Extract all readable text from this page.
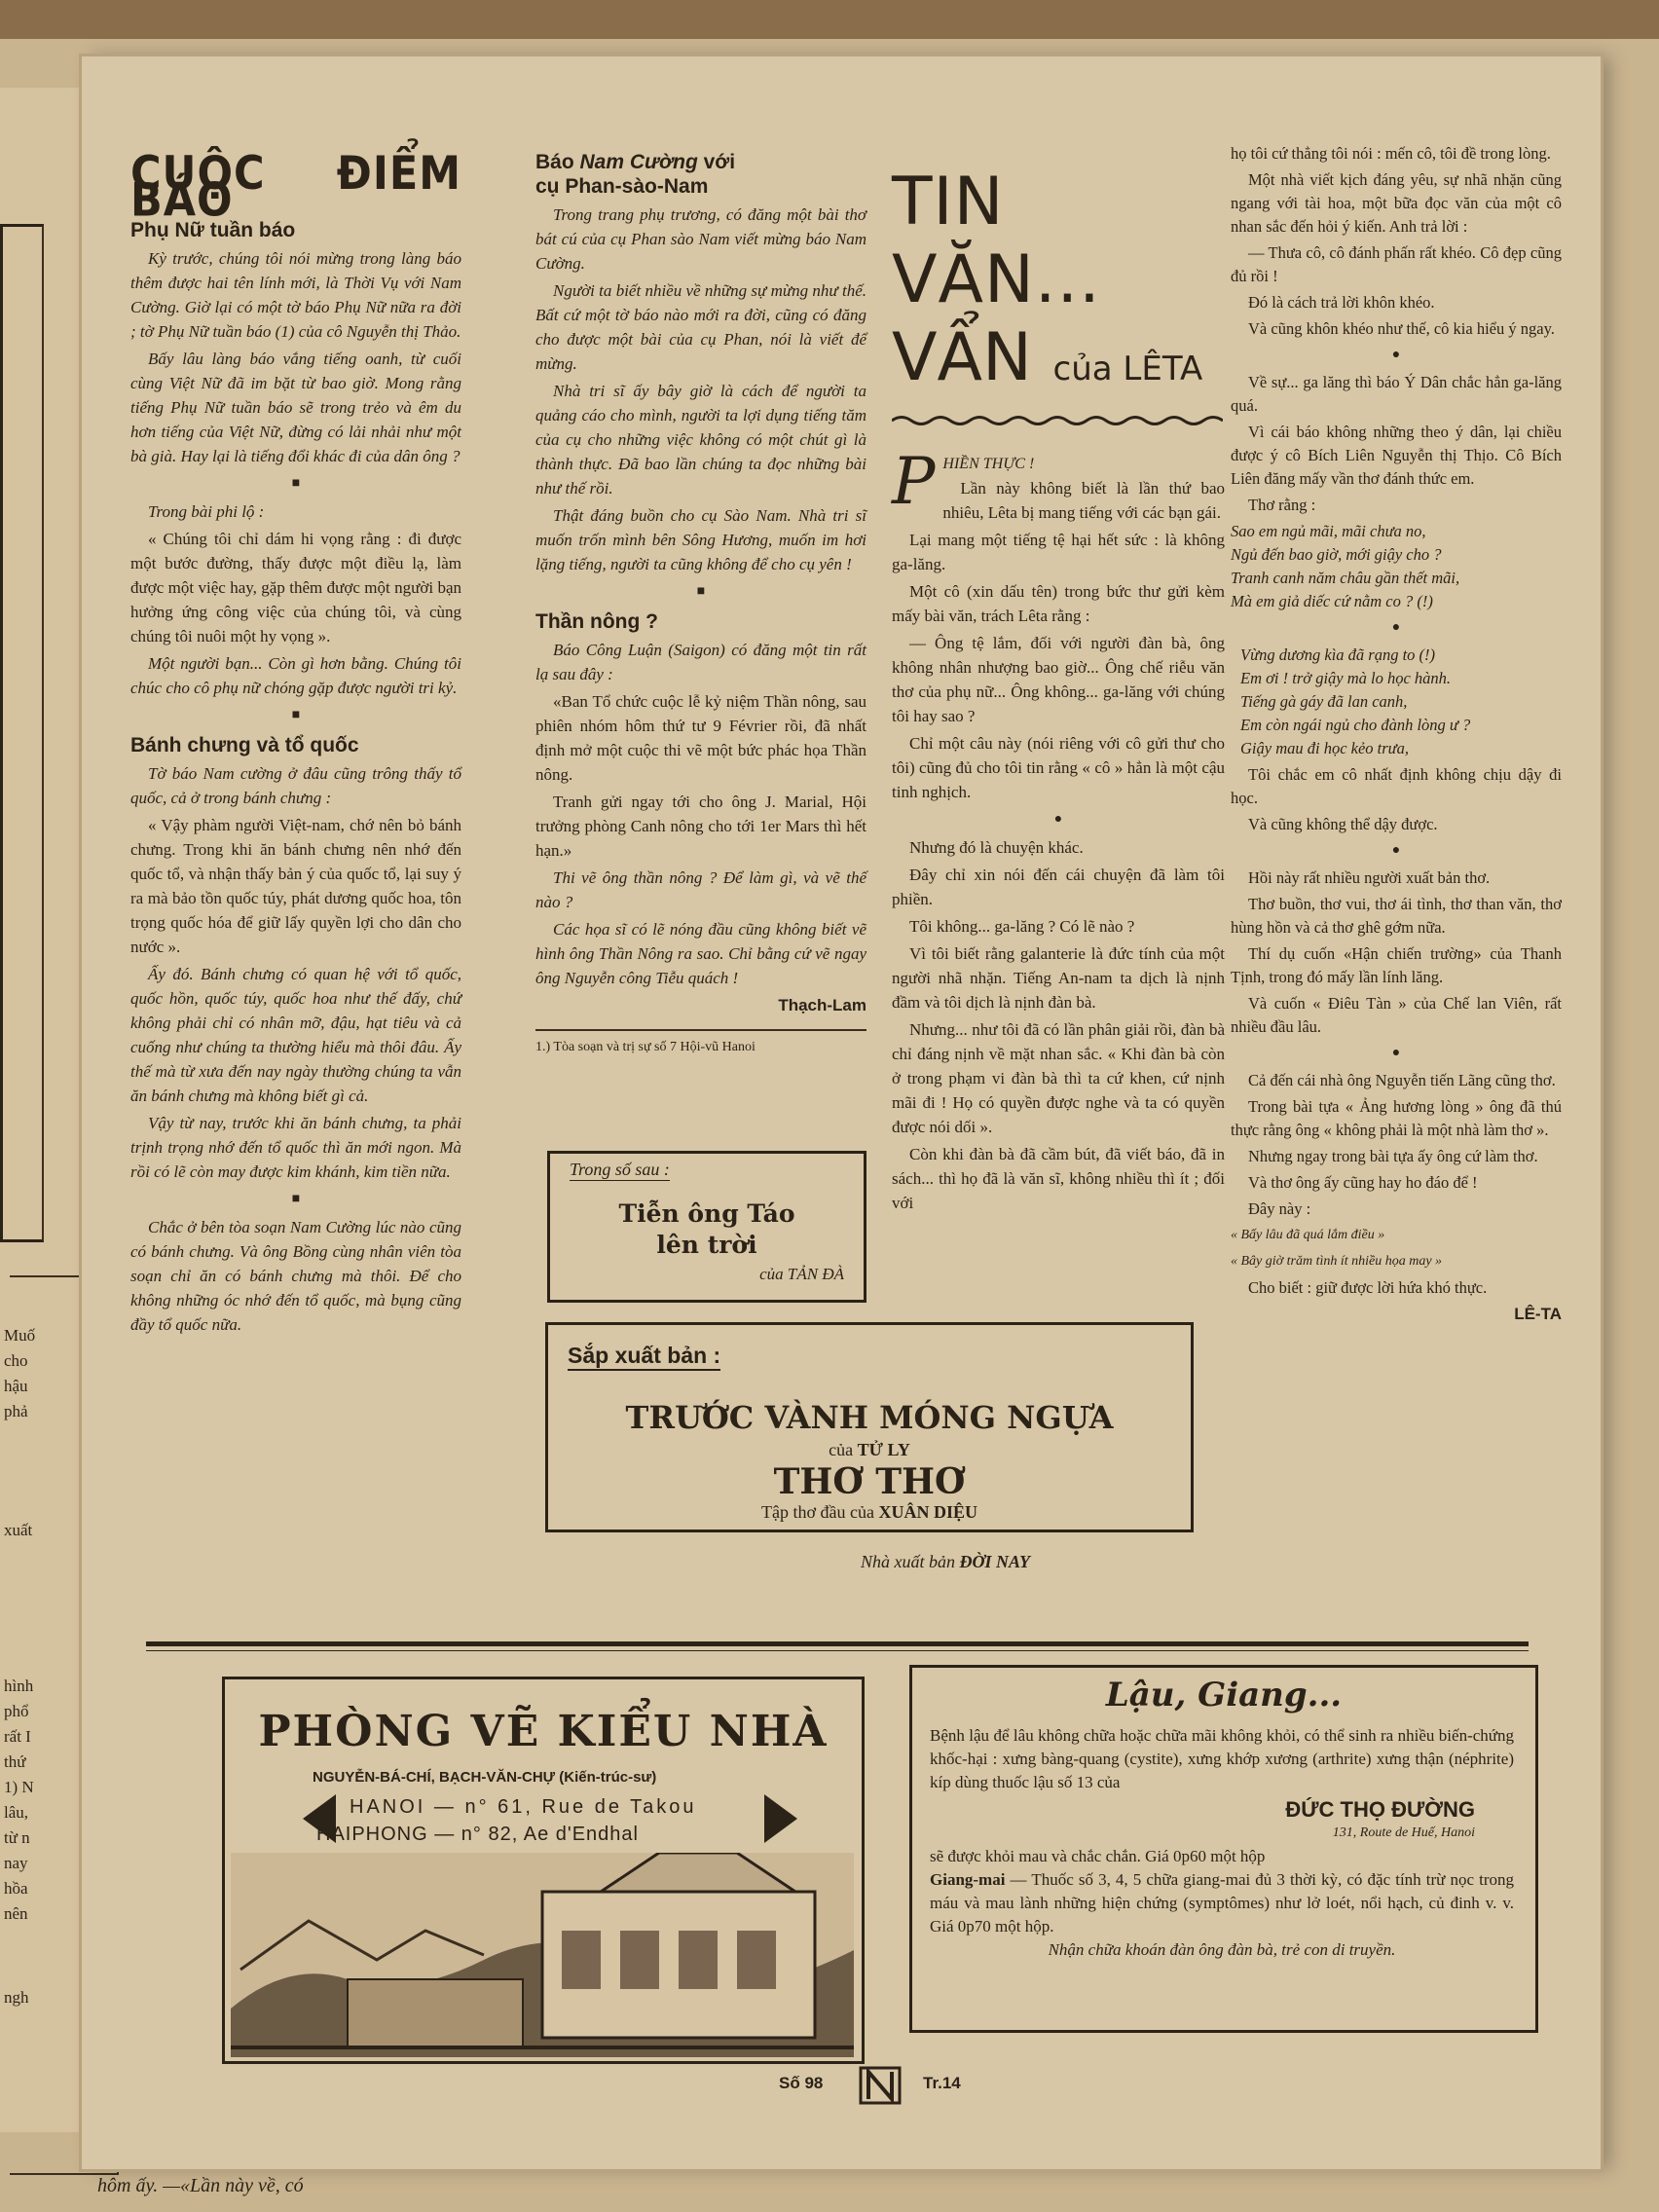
Muố
cho
hậu
phả
xuất
hình
phổ
rất I
thứ
1) N
lâu,
từ n
nay
hồa
nên
ngh
CUỘC ĐIỂM BÁO
Phụ Nữ tuần báo

Kỳ trước, chúng tôi nói mừng trong làng báo thêm được hai tên lính mới, là Thời Vụ với Nam Cường. Giờ lại có một tờ báo Phụ Nữ nữa ra đời ; tờ Phụ Nữ tuần báo (1) của cô Nguyễn thị Thảo.

Bấy lâu làng báo vắng tiếng oanh, từ cuối cùng Việt Nữ đã im bặt từ bao giờ. Mong rằng tiếng Phụ Nữ tuần báo sẽ trong trẻo và êm du hơn tiếng của Việt Nữ, đừng có lải nhải như một bà già. Hay lại là tiếng đổi khác đi của dân ông ?

■

Trong bài phi lộ :

« Chúng tôi chỉ dám hi vọng rằng : đi được một bước đường, thấy được một điều lạ, làm được một việc hay, gặp thêm được một người bạn hưởng ứng công việc của chúng tôi, và cùng chúng tôi nuôi một hy vọng ».

Một người bạn... Còn gì hơn bằng. Chúng tôi chúc cho cô phụ nữ chóng gặp được người tri kỷ.

■
Bánh chưng và tổ quốc

Tờ báo Nam cường ở đâu cũng trông thấy tổ quốc, cả ở trong bánh chưng :

« Vậy phàm người Việt-nam, chớ nên bỏ bánh chưng. Trong khi ăn bánh chưng nên nhớ đến quốc tổ, và nhận thấy bản ý của quốc tổ, lại suy ý ra mà bảo tồn quốc túy, phát dương quốc hoa, tôn trọng quốc hóa để giữ lấy quyền lợi cho dân cho nước ».

Ấy đó. Bánh chưng có quan hệ với tổ quốc, quốc hồn, quốc túy, quốc hoa như thế đấy, chứ không phải chỉ có nhân mỡ, đậu, hạt tiêu và cả cuống như chúng ta thường hiểu mà thôi đâu. Ấy thế mà từ xưa đến nay ngày thường chúng ta vẫn ăn bánh chưng mà không biết gì cả.

Vậy từ nay, trước khi ăn bánh chưng, ta phải trịnh trọng nhớ đến tổ quốc thì ăn mới ngon. Mà rồi có lẽ còn may được kim khánh, kim tiền nữa.

■

Chắc ở bên tòa soạn Nam Cường lúc nào cũng có bánh chưng. Và ông Bồng cùng nhân viên tòa soạn chỉ ăn có bánh chưng mà thôi. Để cho không những óc nhớ đến tổ quốc, mà bụng cũng đầy tổ quốc nữa.

Báo Nam Cường với
cụ Phan-sào-Nam

Trong trang phụ trương, có đăng một bài thơ bát cú của cụ Phan sào Nam viết mừng báo Nam Cường.

Người ta biết nhiều về những sự mừng như thế. Bất cứ một tờ báo nào mới ra đời, cũng có đăng cho được một bài của cụ Phan, nói là viết để mừng.

Nhà tri sĩ ấy bây giờ là cách để người ta quảng cáo cho mình, người ta lợi dụng tiếng tăm của cụ cho những việc không có một chút gì là thành thực. Đã bao lần chúng ta đọc những bài như thế rồi.

Thật đáng buồn cho cụ Sào Nam. Nhà tri sĩ muốn trốn mình bên Sông Hương, muốn im hơi lặng tiếng, người ta cũng không để cho cụ yên !

■
Thần nông ?

Báo Công Luận (Saigon) có đăng một tin rất lạ sau đây :

«Ban Tổ chức cuộc lễ kỷ niệm Thần nông, sau phiên nhóm hôm thứ tư 9 Février rồi, đã nhất định mở một cuộc thi vẽ một bức phác họa Thần nông.

Tranh gửi ngay tới cho ông J. Marial, Hội trưởng phòng Canh nông cho tới 1er Mars thì hết hạn.»

Thi vẽ ông thần nông ? Để làm gì, và vẽ thế nào ?

Các họa sĩ có lẽ nóng đầu cũng không biết vẽ hình ông Thần Nông ra sao. Chỉ bằng cứ vẽ ngay ông Nguyễn công Tiễu quách !

Thạch-Lam
1.) Tòa soạn và trị sự số 7 Hội-vũ Hanoi
Trong số sau :
Tiễn ông Táo
lên trời
của TẢN ĐÀ
Sắp xuất bản :
TRƯỚC VÀNH MÓNG NGỰA
của TỬ LY
THƠ THƠ
Tập thơ đầu của XUÂN DIỆU
Nhà xuất bản ĐỜI NAY
TIN VĂN...
VẨN của LÊTA
PHIỀN THỰC !

Lần này không biết là lần thứ bao nhiêu, Lêta bị mang tiếng với các bạn gái.

Lại mang một tiếng tệ hại hết sức : là không ga-lăng.

Một cô (xin dấu tên) trong bức thư gửi kèm mấy bài văn, trách Lêta rằng :

— Ông tệ lắm, đối với người đàn bà, ông không nhân nhượng bao giờ... Ông chế riễu văn thơ của phụ nữ... Ông không... ga-lăng với chúng tôi hay sao ?

Chỉ một câu này (nói riêng với cô gửi thư cho tôi) cũng đủ cho tôi tin rằng « cô » hẳn là một cậu tinh nghịch.

●

Nhưng đó là chuyện khác.

Đây chỉ xin nói đến cái chuyện đã làm tôi phiền.

Tôi không... ga-lăng ? Có lẽ nào ?

Vì tôi biết rằng galanterie là đức tính của một người nhã nhặn. Tiếng An-nam ta dịch là nịnh đầm và tôi dịch là nịnh đàn bà.

Nhưng... như tôi đã có lần phân giải rồi, đàn bà chỉ đáng nịnh về mặt nhan sắc. « Khi đàn bà còn ở trong phạm vi đàn bà thì ta cứ khen, cứ nịnh mãi đi ! Họ có quyền được nghe và ta có quyền được nói dối ».

Còn khi đàn bà đã cầm bút, đã viết báo, đã in sách... thì họ đã là văn sĩ, không nhiều thì ít ; đối với

họ tôi cứ thẳng tôi nói : mến cô, tôi đề trong lòng.

Một nhà viết kịch đáng yêu, sự nhã nhặn cũng ngang với tài hoa, một bữa đọc văn của một cô nhan sắc đến hỏi ý kiến. Anh trả lời :

— Thưa cô, cô đánh phấn rất khéo. Cô đẹp cũng đủ rồi !

Đó là cách trả lời khôn khéo.

Và cũng khôn khéo như thế, cô kia hiểu ý ngay.

●

Về sự... ga lăng thì báo Ý Dân chắc hẳn ga-lăng quá.

Vì cái báo không những theo ý dân, lại chiều được ý cô Bích Liên Nguyễn thị Thịo. Cô Bích Liên đăng mấy vần thơ đánh thức em.

Thơ rằng :

Sao em ngủ mãi, mãi chưa no,
Ngủ đến bao giờ, mới giậy cho ?
Tranh canh năm châu gần thết mãi,
Mà em giả diếc cứ nằm co ? (!)

●

Vừng dương kìa đã rạng to (!)
Em ơi ! trở giậy mà lo học hành.
Tiếng gà gáy đã lan canh,
Em còn ngái ngủ cho đành lòng ư ?
Giậy mau đi học kẻo trưa,

Tôi chắc em cô nhất định không chịu dậy đi học.

Và cũng không thể dậy được.

●

Hồi này rất nhiều người xuất bản thơ.

Thơ buồn, thơ vui, thơ ái tình, thơ than văn, thơ hùng hồn và cả thơ ghê gớm nữa.

Thí dụ cuốn «Hận chiến trường» của Thanh Tịnh, trong đó mấy lần lính lăng.

Và cuốn « Điêu Tàn » của Chế lan Viên, rất nhiều đầu lâu.

●

Cả đến cái nhà ông Nguyễn tiến Lãng cũng thơ.

Trong bài tựa « Ảng hương lòng » ông đã thú thực rằng ông « không phải là một nhà làm thơ ».

Nhưng ngay trong bài tựa ấy ông cứ làm thơ.

Và thơ ông ấy cũng hay ho đáo để !

Đây này :

« Bấy lâu đã quá lắm điều »

« Bây giờ trăm tình ít nhiều họa may »

Cho biết : giữ được lời hứa khó thực.

LÊ-TA
PHÒNG VẼ KIỂU NHÀ
NGUYỄN-BÁ-CHÍ, BẠCH-VĂN-CHỰ (Kiến-trúc-sư)
HANOI — n° 61, Rue de Takou
HAIPHONG — n° 82, Ae d'Endhal
Lậu, Giang...
Bệnh lậu để lâu không chữa hoặc chữa mãi không khỏi, có thể sinh ra nhiều biến-chứng khốc-hại : xưng bàng-quang (cystite), xưng khớp xương (arthrite) xưng thận (néphrite) kíp dùng thuốc lậu số 13 của
ĐỨC THỌ ĐƯỜNG
131, Route de Huế, Hanoi
sẽ được khỏi mau và chắc chắn. Giá 0p60 một hộp
Giang-mai — Thuốc số 3, 4, 5 chữa giang-mai đủ 3 thời kỳ, có đặc tính trừ nọc trong máu và mau lành những hiện chứng (symptômes) như lở loét, nổi hạch, củ đinh v. v. Giá 0p70 một hộp.
Nhận chữa khoán đàn ông đàn bà, trẻ con di truyền.
Số 98	Tr.14
hôm ấy. —«Lần này về, có
